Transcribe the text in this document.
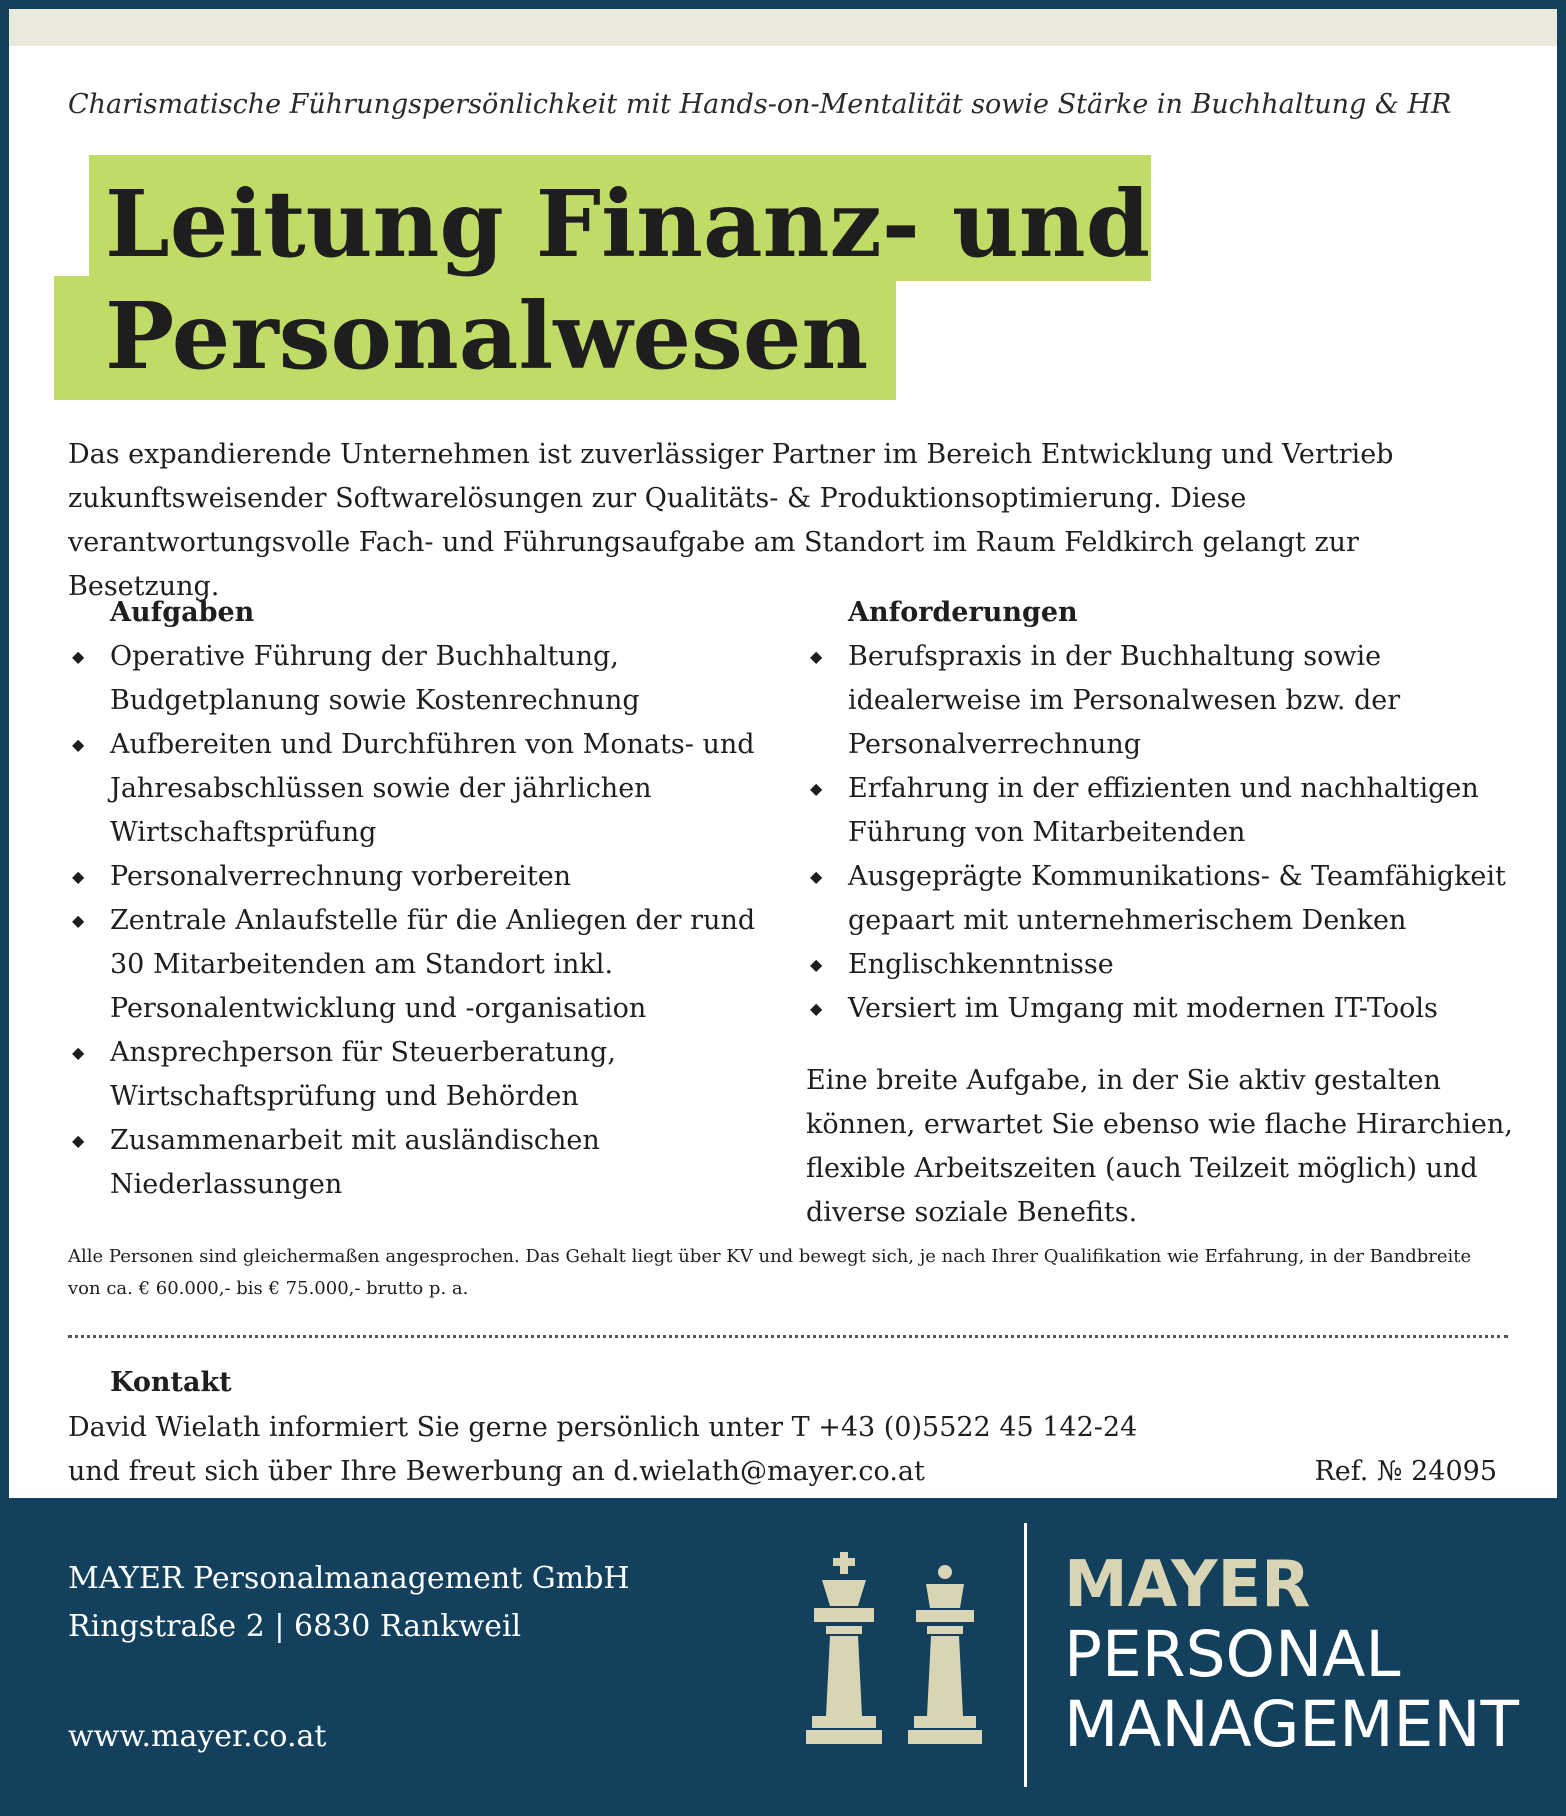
Charismatische Führungspersönlichkeit mit Hands-on-Mentalität sowie Stärke in Buchhaltung & HR
Leitung Finanz- und
Personalwesen

Das expandierende Unternehmen ist zuverlässiger Partner im Bereich Entwicklung und Vertrieb zukunftsweisender Softwarelösungen zur Qualitäts- & Produktionsoptimierung. Diese verantwortungsvolle Fach- und Führungsaufgabe am Standort im Raum Feldkirch gelangt zur Besetzung.

Aufgaben
◆ Operative Führung der Buchhaltung, Budgetplanung sowie Kostenrechnung
◆ Aufbereiten und Durchführen von Monats- und Jahresabschlüssen sowie der jährlichen Wirtschaftsprüfung
◆ Personalverrechnung vorbereiten
◆ Zentrale Anlaufstelle für die Anliegen der rund 30 Mitarbeitenden am Standort inkl. Personalentwicklung und -organisation
◆ Ansprechperson für Steuerberatung, Wirtschaftsprüfung und Behörden
◆ Zusammenarbeit mit ausländischen Niederlassungen
Anforderungen
◆ Berufspraxis in der Buchhaltung sowie idealerweise im Personalwesen bzw. der Personalverrechnung
◆ Erfahrung in der effizienten und nachhaltigen Führung von Mitarbeitenden
◆ Ausgeprägte Kommunikations- & Teamfähigkeit gepaart mit unternehmerischem Denken
◆ Englischkenntnisse
◆ Versiert im Umgang mit modernen IT-Tools

Eine breite Aufgabe, in der Sie aktiv gestalten können, erwartet Sie ebenso wie flache Hirarchien, flexible Arbeitszeiten (auch Teilzeit möglich) und diverse soziale Benefits.

Alle Personen sind gleichermaßen angesprochen. Das Gehalt liegt über KV und bewegt sich, je nach Ihrer Qualifikation wie Erfahrung, in der Bandbreite von ca. € 60.000,- bis € 75.000,- brutto p. a.

Kontakt

David Wielath informiert Sie gerne persönlich unter T +43 (0)5522 45 142-24
und freut sich über Ihre Bewerbung an d.wielath@mayer.co.at	Ref. № 24095
MAYER Personalmanagement GmbH
Ringstraße 2 | 6830 Rankweil
www.mayer.co.at
MAYER
PERSONAL
MANAGEMENT
